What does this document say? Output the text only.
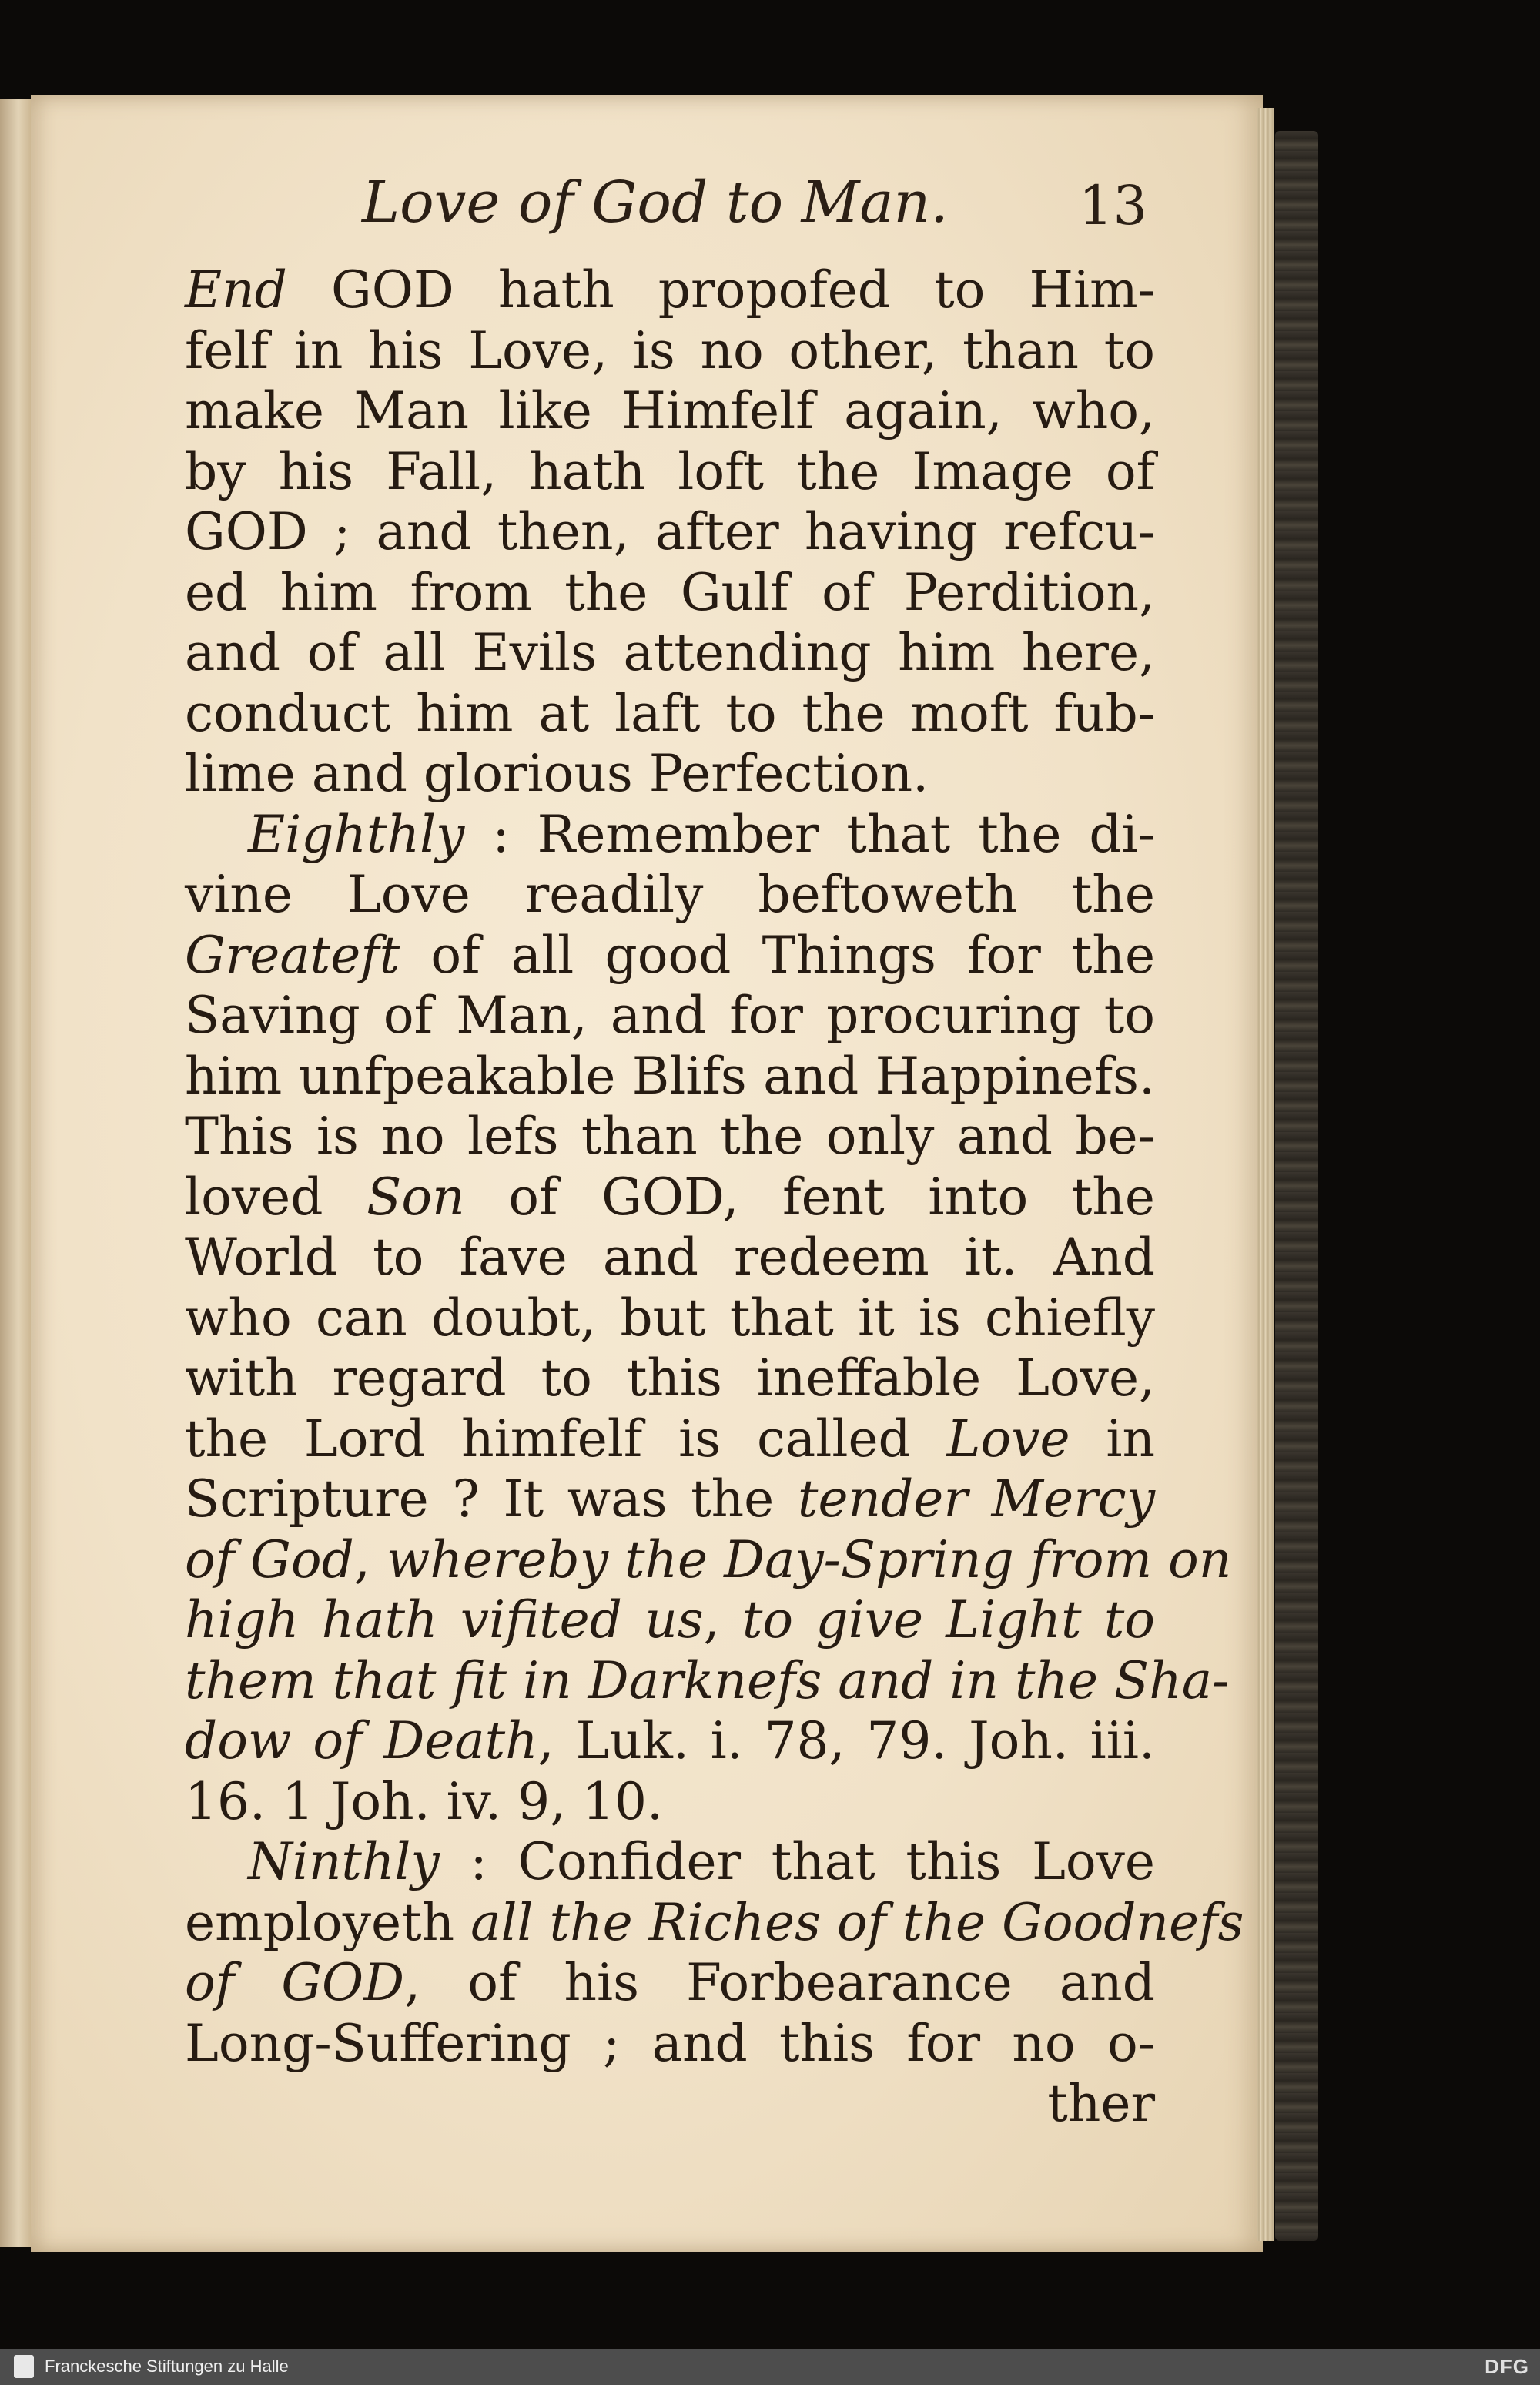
Love of God to Man. 13
End GOD hath propofed to Him-
felf in his Love, is no other, than to
make Man like Himfelf again, who,
by his Fall, hath loft the Image of
GOD ; and then, after having refcu-
ed him from the Gulf of Perdition,
and of all Evils attending him here,
conduct him at laft to the moft fub-
lime and glorious Perfection.
Eighthly : Remember that the di-
vine Love readily beftoweth the
Greateft of all good Things for the
Saving of Man, and for procuring to
him unfpeakable Blifs and Happinefs.
This is no lefs than the only and be-
loved Son of GOD, fent into the
World to fave and redeem it. And
who can doubt, but that it is chiefly
with regard to this ineffable Love,
the Lord himfelf is called Love in
Scripture ? It was the tender Mercy
of God, whereby the Day-Spring from on
high hath vifited us, to give Light to
them that fit in Darknefs and in the Sha-
dow of Death, Luk. i. 78, 79. Joh. iii.
16. 1 Joh. iv. 9, 10.
Ninthly : Confider that this Love
employeth all the Riches of the Goodnefs
of GOD, of his Forbearance and
Long-Suffering ; and this for no o-
ther
Franckesche Stiftungen zu Halle	DFG
